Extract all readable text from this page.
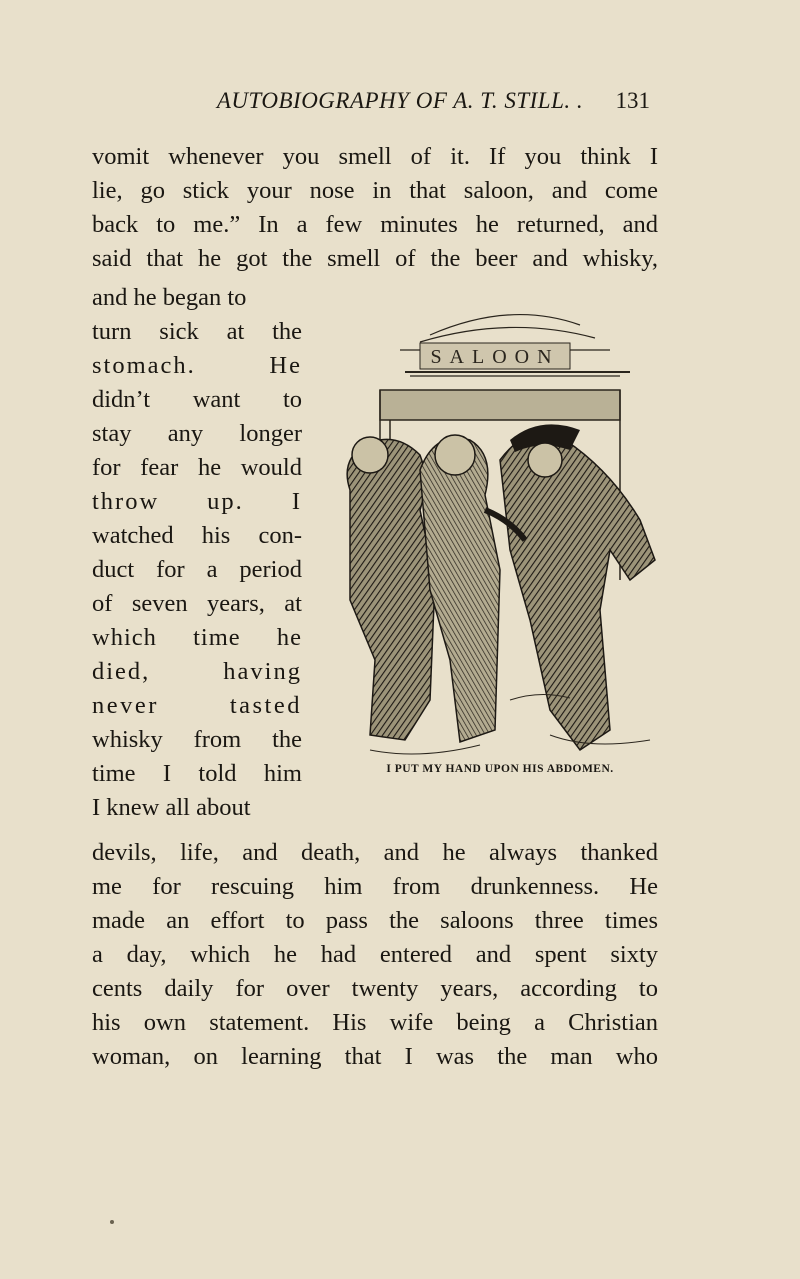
AUTOBIOGRAPHY OF A. T. STILL. .	131
vomit whenever you smell of it. If you think I
lie, go stick your nose in that saloon, and come
back to me.” In a few minutes he returned, and
said that he got the smell of the beer and whisky,
and he began to
turn sick at the
stomach. He
didn’t want to
stay any longer
for fear he would
throw up. I
watched his con-
duct for a period
of seven years, at
which time he
died, having
never tasted
whisky from the
time I told him
I knew all about
SALOON
I PUT MY HAND UPON HIS ABDOMEN.
devils, life, and death, and he always thanked
me for rescuing him from drunkenness. He
made an effort to pass the saloons three times
a day, which he had entered and spent sixty
cents daily for over twenty years, according to
his own statement. His wife being a Christian
woman, on learning that I was the man who
